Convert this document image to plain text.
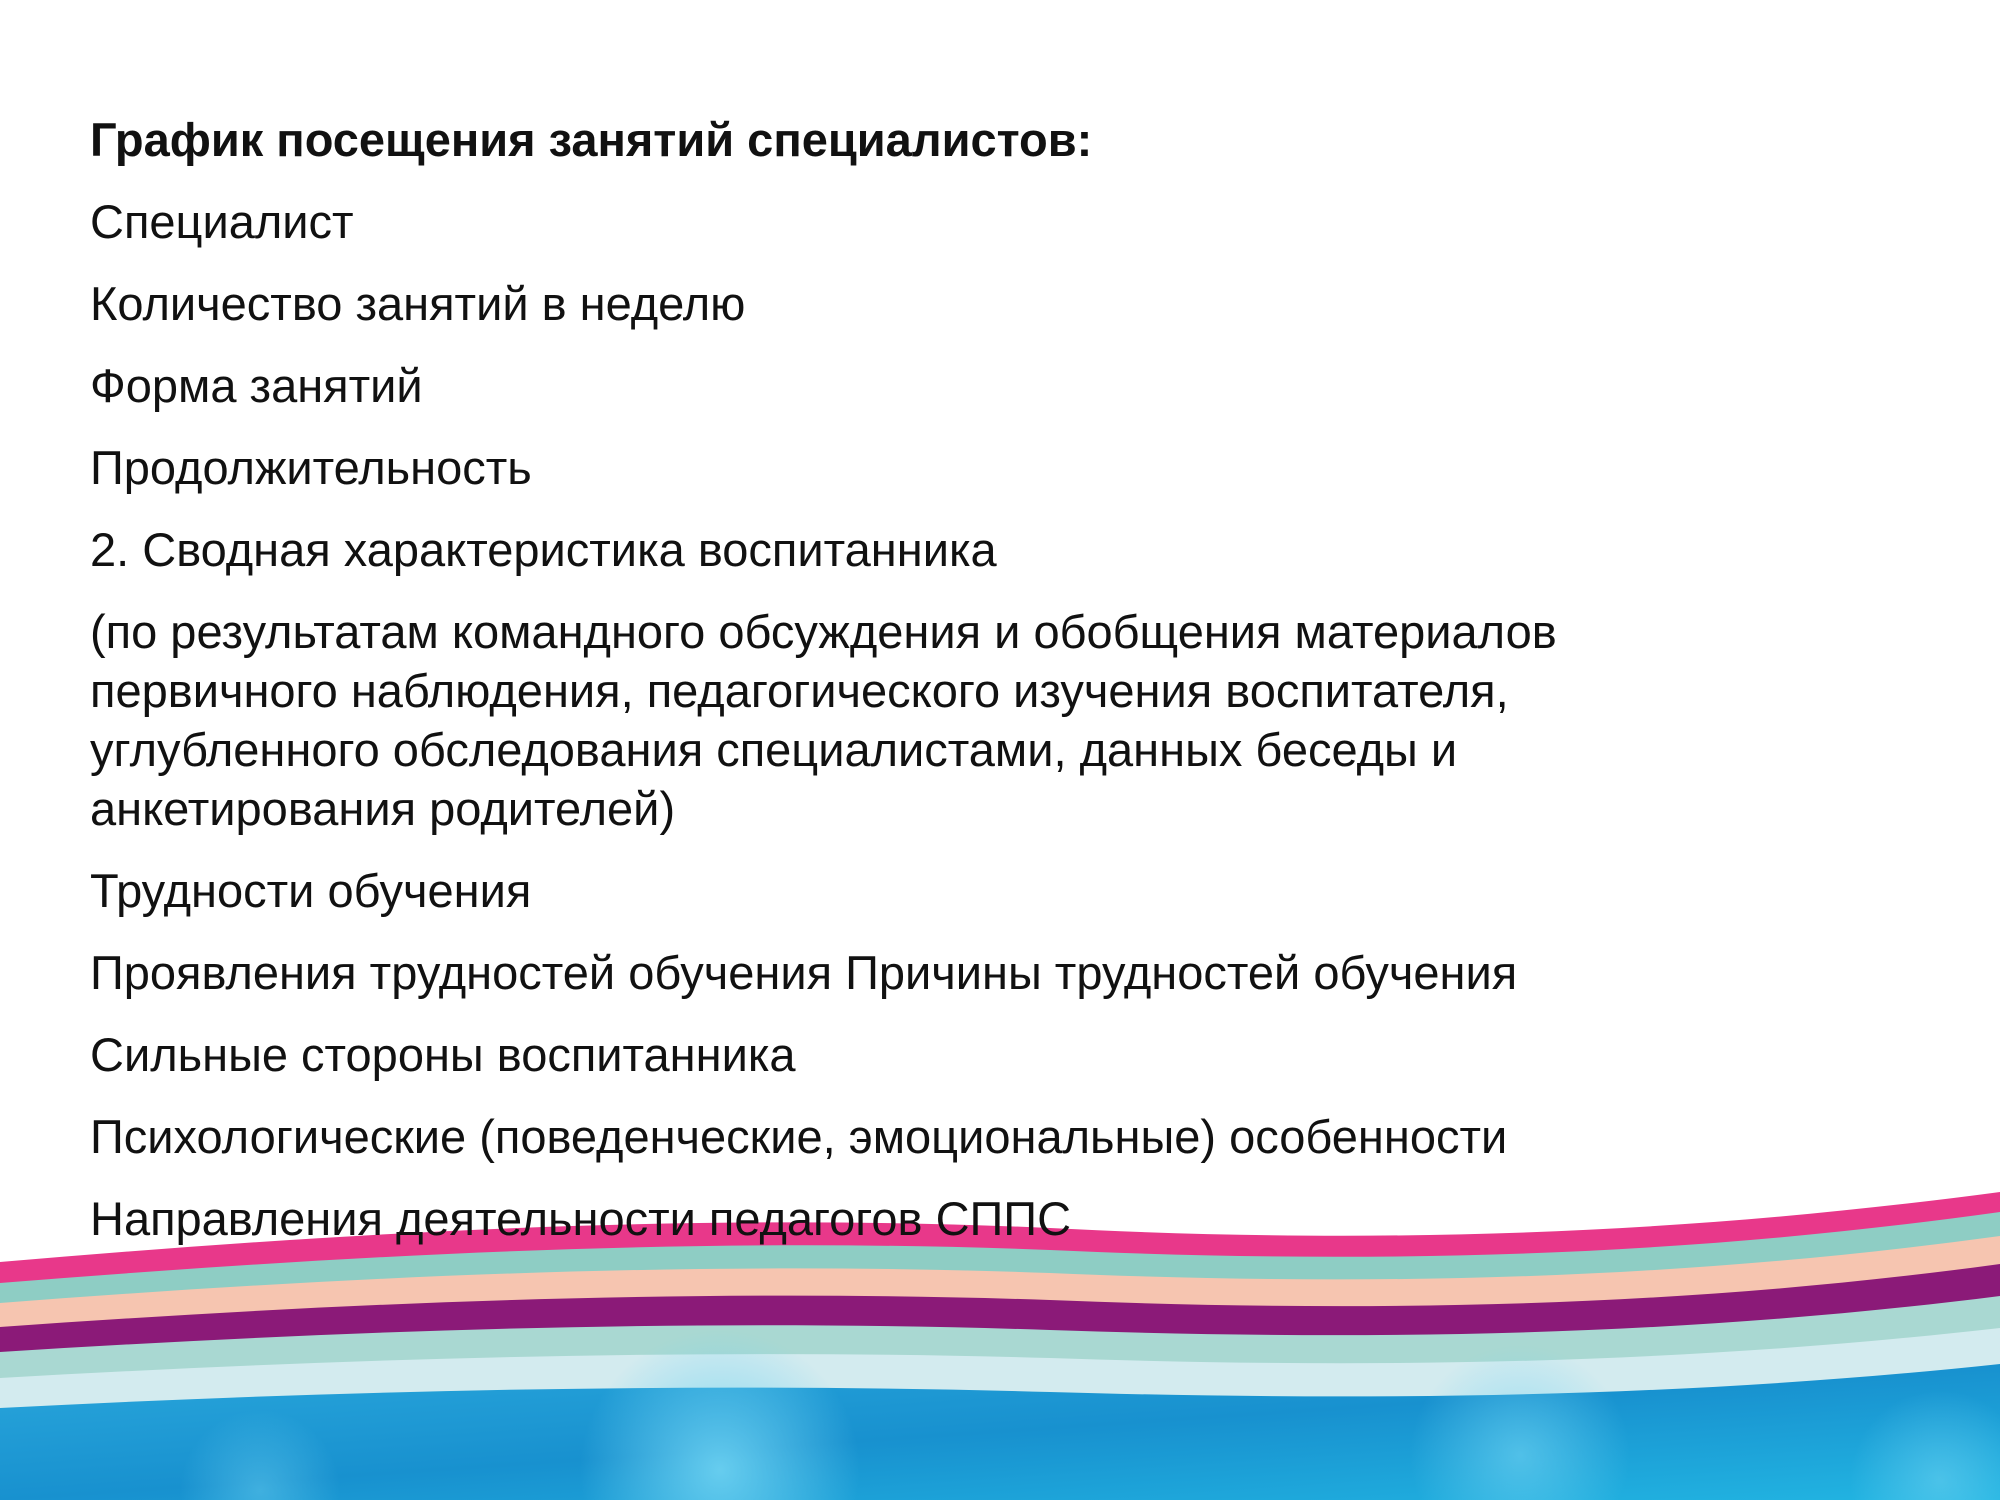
График посещения занятий специалистов:
Специалист
Количество занятий в неделю
Форма занятий
Продолжительность
2. Сводная характеристика воспитанника
(по результатам командного обсуждения и обобщения материалов
первичного наблюдения, педагогического изучения воспитателя,
углубленного обследования специалистами, данных беседы и
анкетирования родителей)
Трудности обучения
Проявления трудностей обучения Причины трудностей обучения
Сильные стороны воспитанника
Психологические (поведенческие, эмоциональные) особенности
Направления деятельности педагогов СППС
